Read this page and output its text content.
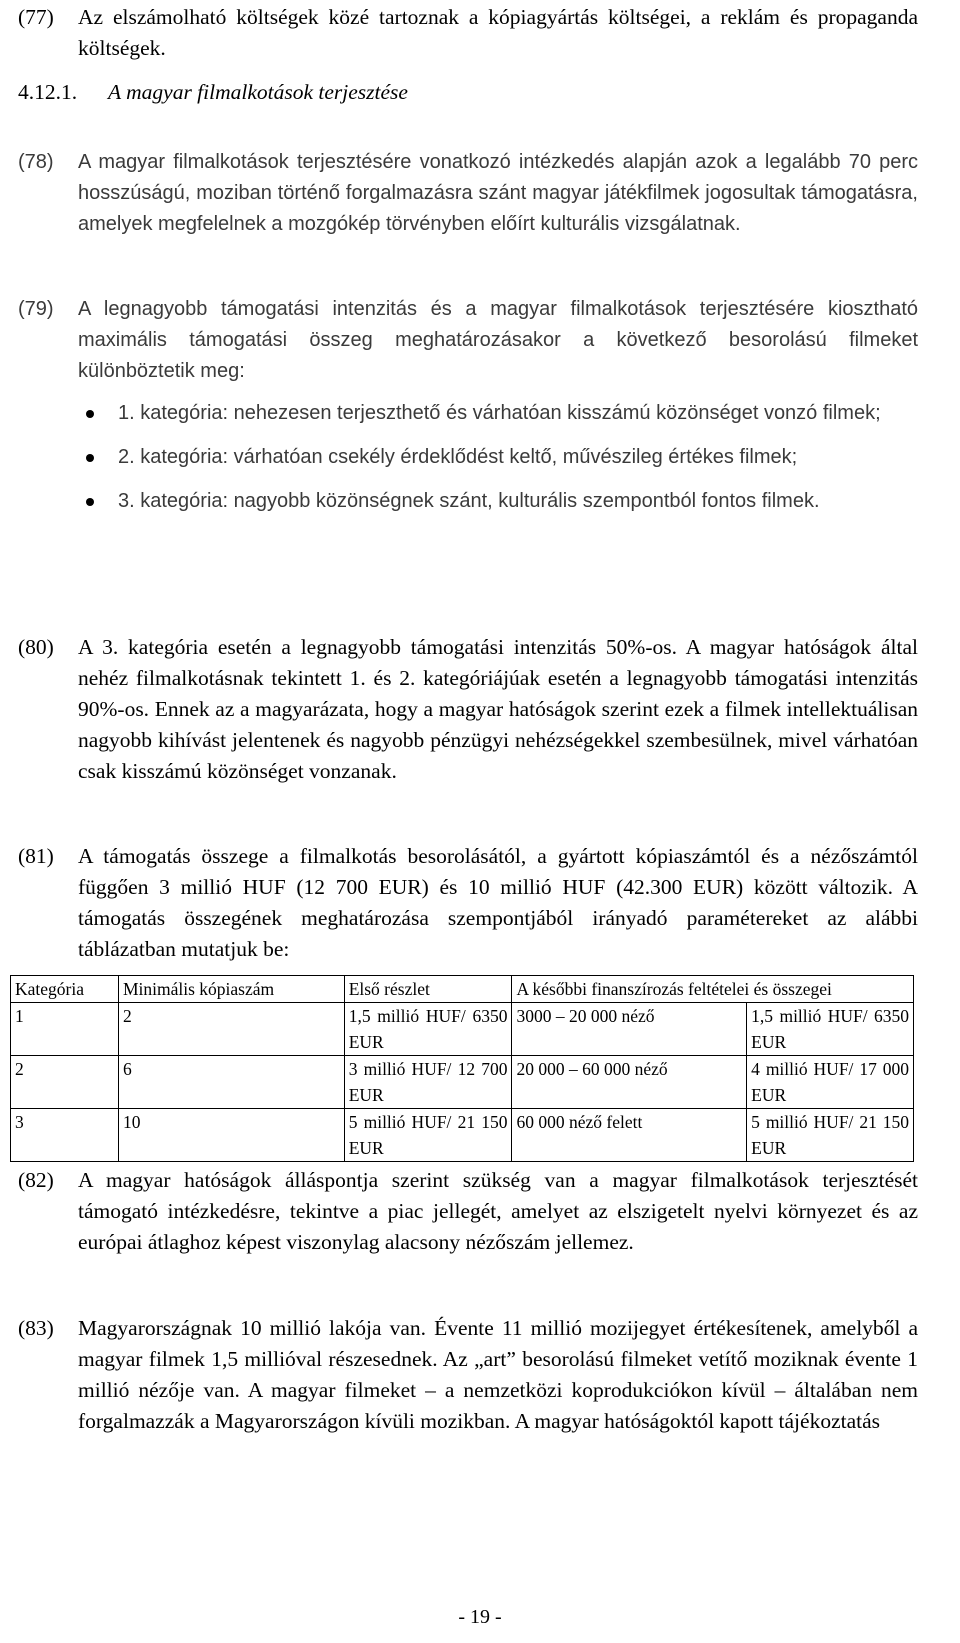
(77)	Az elszámolható költségek közé tartoznak a kópiagyártás költségei, a reklám és propaganda költségek.
4.12.1. A magyar filmalkotások terjesztése
(78)	A magyar filmalkotások terjesztésére vonatkozó intézkedés alapján azok a legalább 70 perc hosszúságú, moziban történő forgalmazásra szánt magyar játékfilmek jogosultak támogatásra, amelyek megfelelnek a mozgókép törvényben előírt kulturális vizsgálatnak.
(79)	A legnagyobb támogatási intenzitás és a magyar filmalkotások terjesztésére kiosztható maximális támogatási összeg meghatározásakor a következő besorolású filmeket különböztetik meg:
1. kategória: nehezesen terjeszthető és várhatóan kisszámú közönséget vonzó filmek;
2. kategória: várhatóan csekély érdeklődést keltő, művészileg értékes filmek;
3. kategória: nagyobb közönségnek szánt, kulturális szempontból fontos filmek.
(80)	A 3. kategória esetén a legnagyobb támogatási intenzitás 50%-os. A magyar hatóságok által nehéz filmalkotásnak tekintett 1. és 2. kategóriájúak esetén a legnagyobb támogatási intenzitás 90%-os. Ennek az a magyarázata, hogy a magyar hatóságok szerint ezek a filmek intellektuálisan nagyobb kihívást jelentenek és nagyobb pénzügyi nehézségekkel szembesülnek, mivel várhatóan csak kisszámú közönséget vonzanak.
(81)	A támogatás összege a filmalkotás besorolásától, a gyártott kópiaszámtól és a nézőszámtól függően 3 millió HUF (12 700 EUR) és 10 millió HUF (42.300 EUR) között változik. A támogatás összegének meghatározása szempontjából irányadó paramétereket az alábbi táblázatban mutatjuk be:
Kategória	Minimális kópiaszám	Első részlet	A későbbi finanszírozás feltételei és összegei	
1	2	1,5 millió HUF/ 6350 EUR	3000 – 20 000 néző	1,5 millió HUF/ 6350 EUR
2	6	3 millió HUF/ 12 700 EUR	20 000 – 60 000 néző	4 millió HUF/ 17 000 EUR
3	10	5 millió HUF/ 21 150 EUR	60 000 néző felett	5 millió HUF/ 21 150 EUR
(82)	A magyar hatóságok álláspontja szerint szükség van a magyar filmalkotások terjesztését támogató intézkedésre, tekintve a piac jellegét, amelyet az elszigetelt nyelvi környezet és az európai átlaghoz képest viszonylag alacsony nézőszám jellemez.
(83)	Magyarországnak 10 millió lakója van. Évente 11 millió mozijegyet értékesítenek, amelyből a magyar filmek 1,5 millióval részesednek. Az „art” besorolású filmeket vetítő moziknak évente 1 millió nézője van. A magyar filmeket – a nemzetközi koprodukciókon kívül – általában nem forgalmazzák a Magyarországon kívüli mozikban. A magyar hatóságoktól kapott tájékoztatás
- 19 -
